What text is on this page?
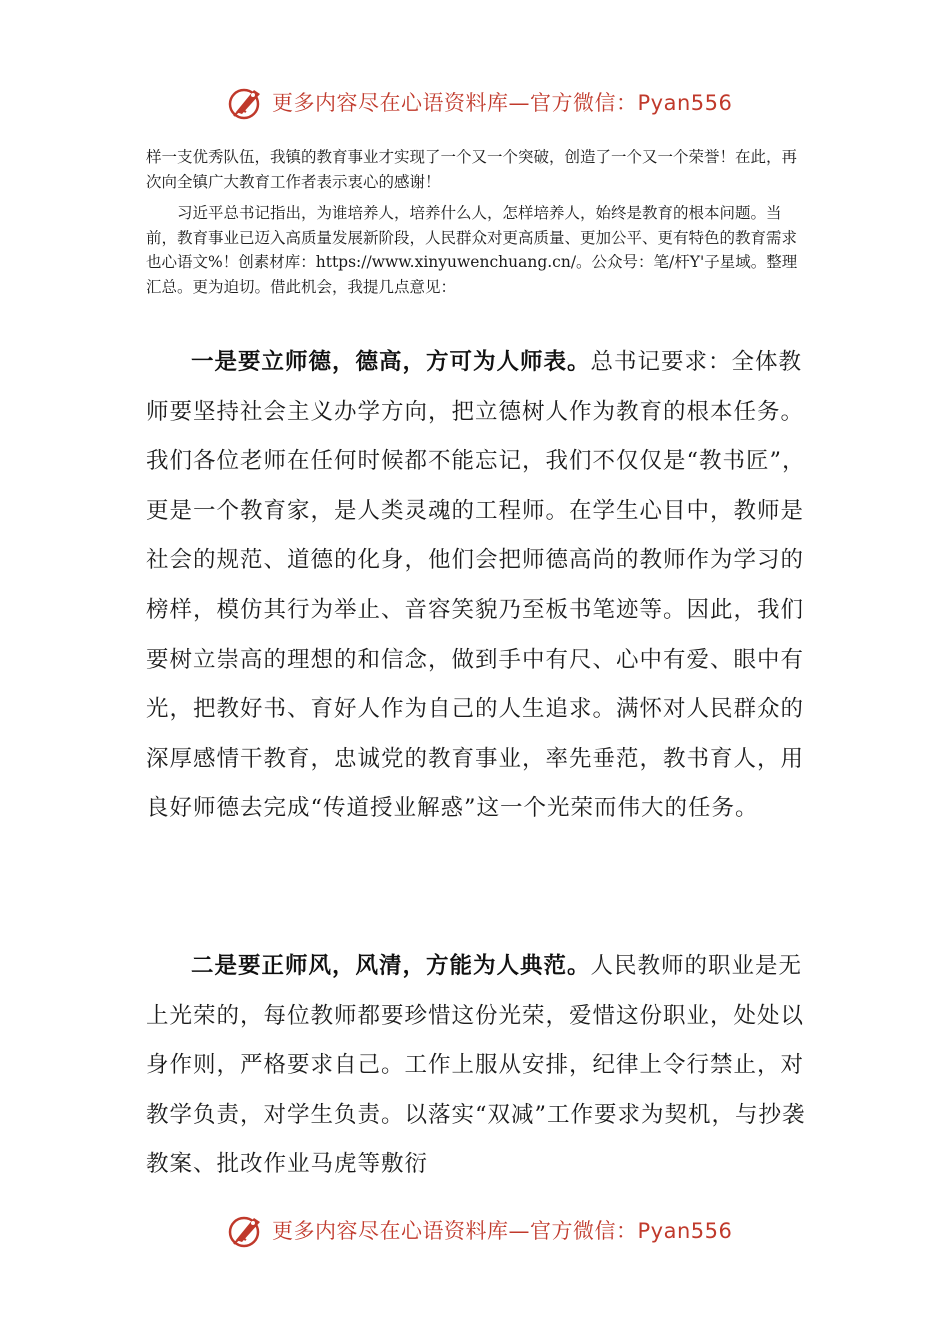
更多内容尽在心语资料库—官方微信：Pyan556

样一支优秀队伍，我镇的教育事业才实现了一个又一个突破，创造了一个又一个荣誉！在此，再次向全镇广大教育工作者表示衷心的感谢！

习近平总书记指出，为谁培养人，培养什么人，怎样培养人，始终是教育的根本问题。当前，教育事业已迈入高质量发展新阶段，人民群众对更高质量、更加公平、更有特色的教育需求也心语文%！创素材库：https://www.xinyuwenchuang.cn/。公众号：笔/杆Y'子星域。整理汇总。更为迫切。借此机会，我提几点意见：

一是要立师德，德高，方可为人师表。总书记要求：全体教师要坚持社会主义办学方向，把立德树人作为教育的根本任务。我们各位老师在任何时候都不能忘记，我们不仅仅是“教书匠”，更是一个教育家，是人类灵魂的工程师。在学生心目中，教师是社会的规范、道德的化身，他们会把师德高尚的教师作为学习的榜样，模仿其行为举止、音容笑貌乃至板书笔迹等。因此，我们要树立崇高的理想的和信念，做到手中有尺、心中有爱、眼中有光，把教好书、育好人作为自己的人生追求。满怀对人民群众的深厚感情干教育，忠诚党的教育事业，率先垂范，教书育人，用良好师德去完成“传道授业解惑”这一个光荣而伟大的任务。

二是要正师风，风清，方能为人典范。人民教师的职业是无上光荣的，每位教师都要珍惜这份光荣，爱惜这份职业，处处以身作则，严格要求自己。工作上服从安排，纪律上令行禁止，对教学负责，对学生负责。以落实“双减”工作要求为契机，与抄袭教案、批改作业马虎等敷衍

更多内容尽在心语资料库—官方微信：Pyan556
